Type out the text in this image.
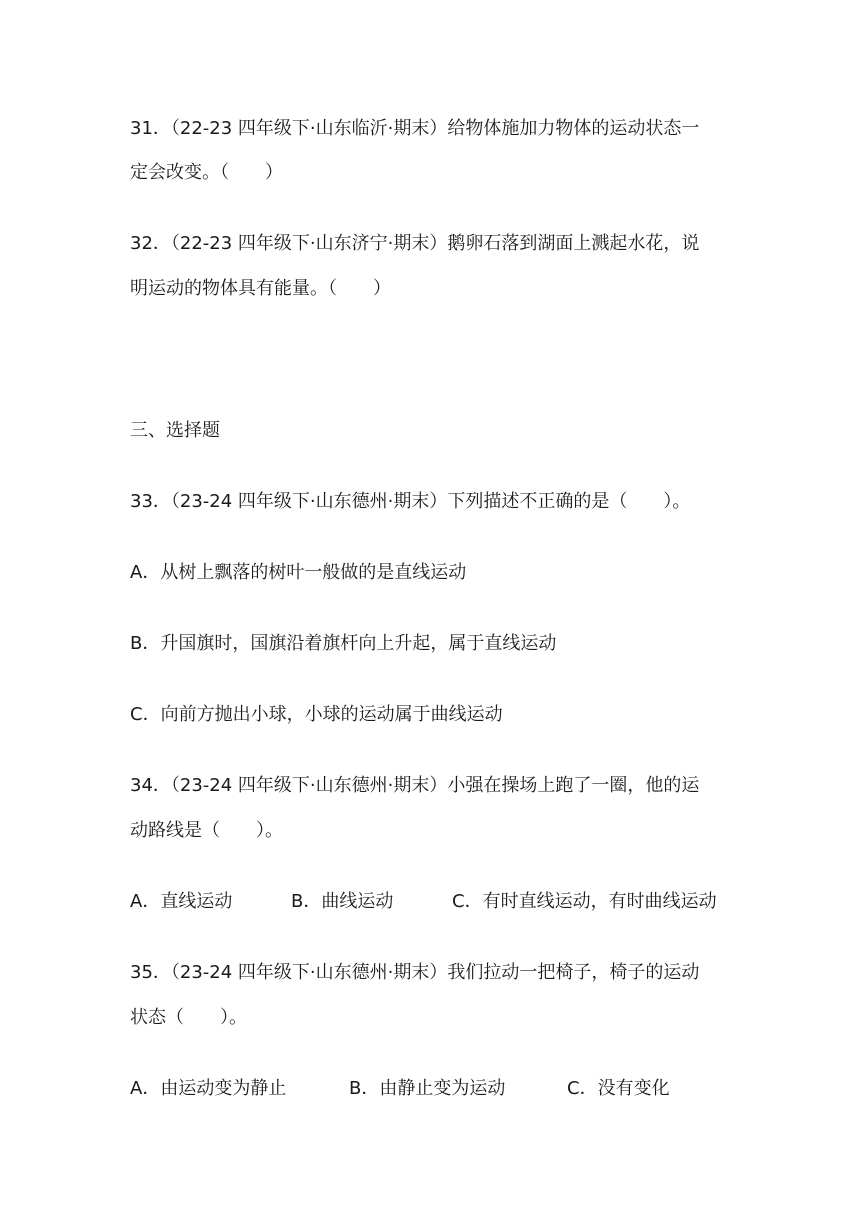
31．（22-23 四年级下·山东临沂·期末）给物体施加力物体的运动状态一
定会改变。（　　）
32．（22-23 四年级下·山东济宁·期末）鹅卵石落到湖面上溅起水花，说
明运动的物体具有能量。（　　）
三、选择题
33．（23-24 四年级下·山东德州·期末）下列描述不正确的是（　　）。
A．从树上飘落的树叶一般做的是直线运动
B．升国旗时，国旗沿着旗杆向上升起，属于直线运动
C．向前方抛出小球，小球的运动属于曲线运动
34．（23-24 四年级下·山东德州·期末）小强在操场上跑了一圈，他的运
动路线是（　　）。
A．直线运动	B．曲线运动	C．有时直线运动，有时曲线运动
35．（23-24 四年级下·山东德州·期末）我们拉动一把椅子，椅子的运动
状态（　　）。
A．由运动变为静止	B．由静止变为运动	C．没有变化
